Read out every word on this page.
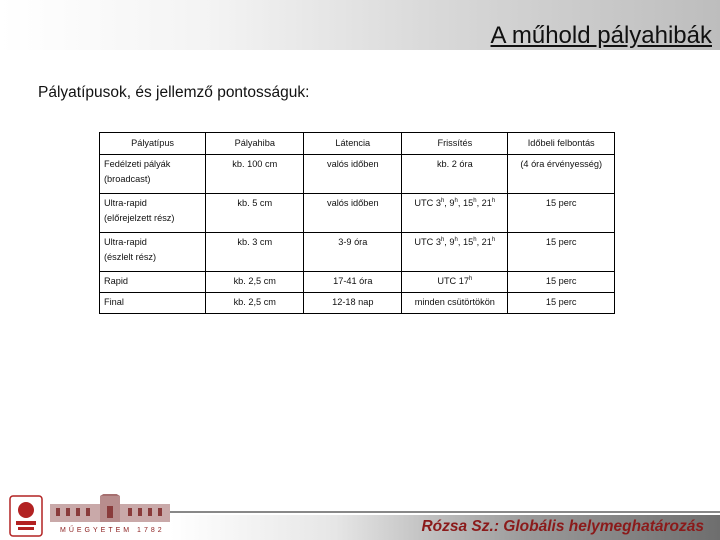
A műhold pályahibák
Pályatípusok, és jellemző pontosságuk:
Pályatípus	Pályahiba	Látencia	Frissítés	Időbeli felbontás
Fedélzeti pályák
(broadcast)	kb. 100 cm	valós időben	kb. 2 óra	(4 óra érvényesség)
Ultra-rapid
(előrejelzett rész)	kb. 5 cm	valós időben	UTC 3$^h$, 9$^h$, 15$^h$, 21$^h$	15 perc
Ultra-rapid
(észlelt rész)	kb. 3 cm	3-9 óra	UTC 3$^h$, 9$^h$, 15$^h$, 21$^h$	15 perc
Rapid	kb. 2,5 cm	17-41 óra	UTC 17$^h$	15 perc
Final	kb. 2,5 cm	12-18 nap	minden csütörtökön	15 perc
MŰEGYETEM 1782	Rózsa Sz.: Globális helymeghatározás
